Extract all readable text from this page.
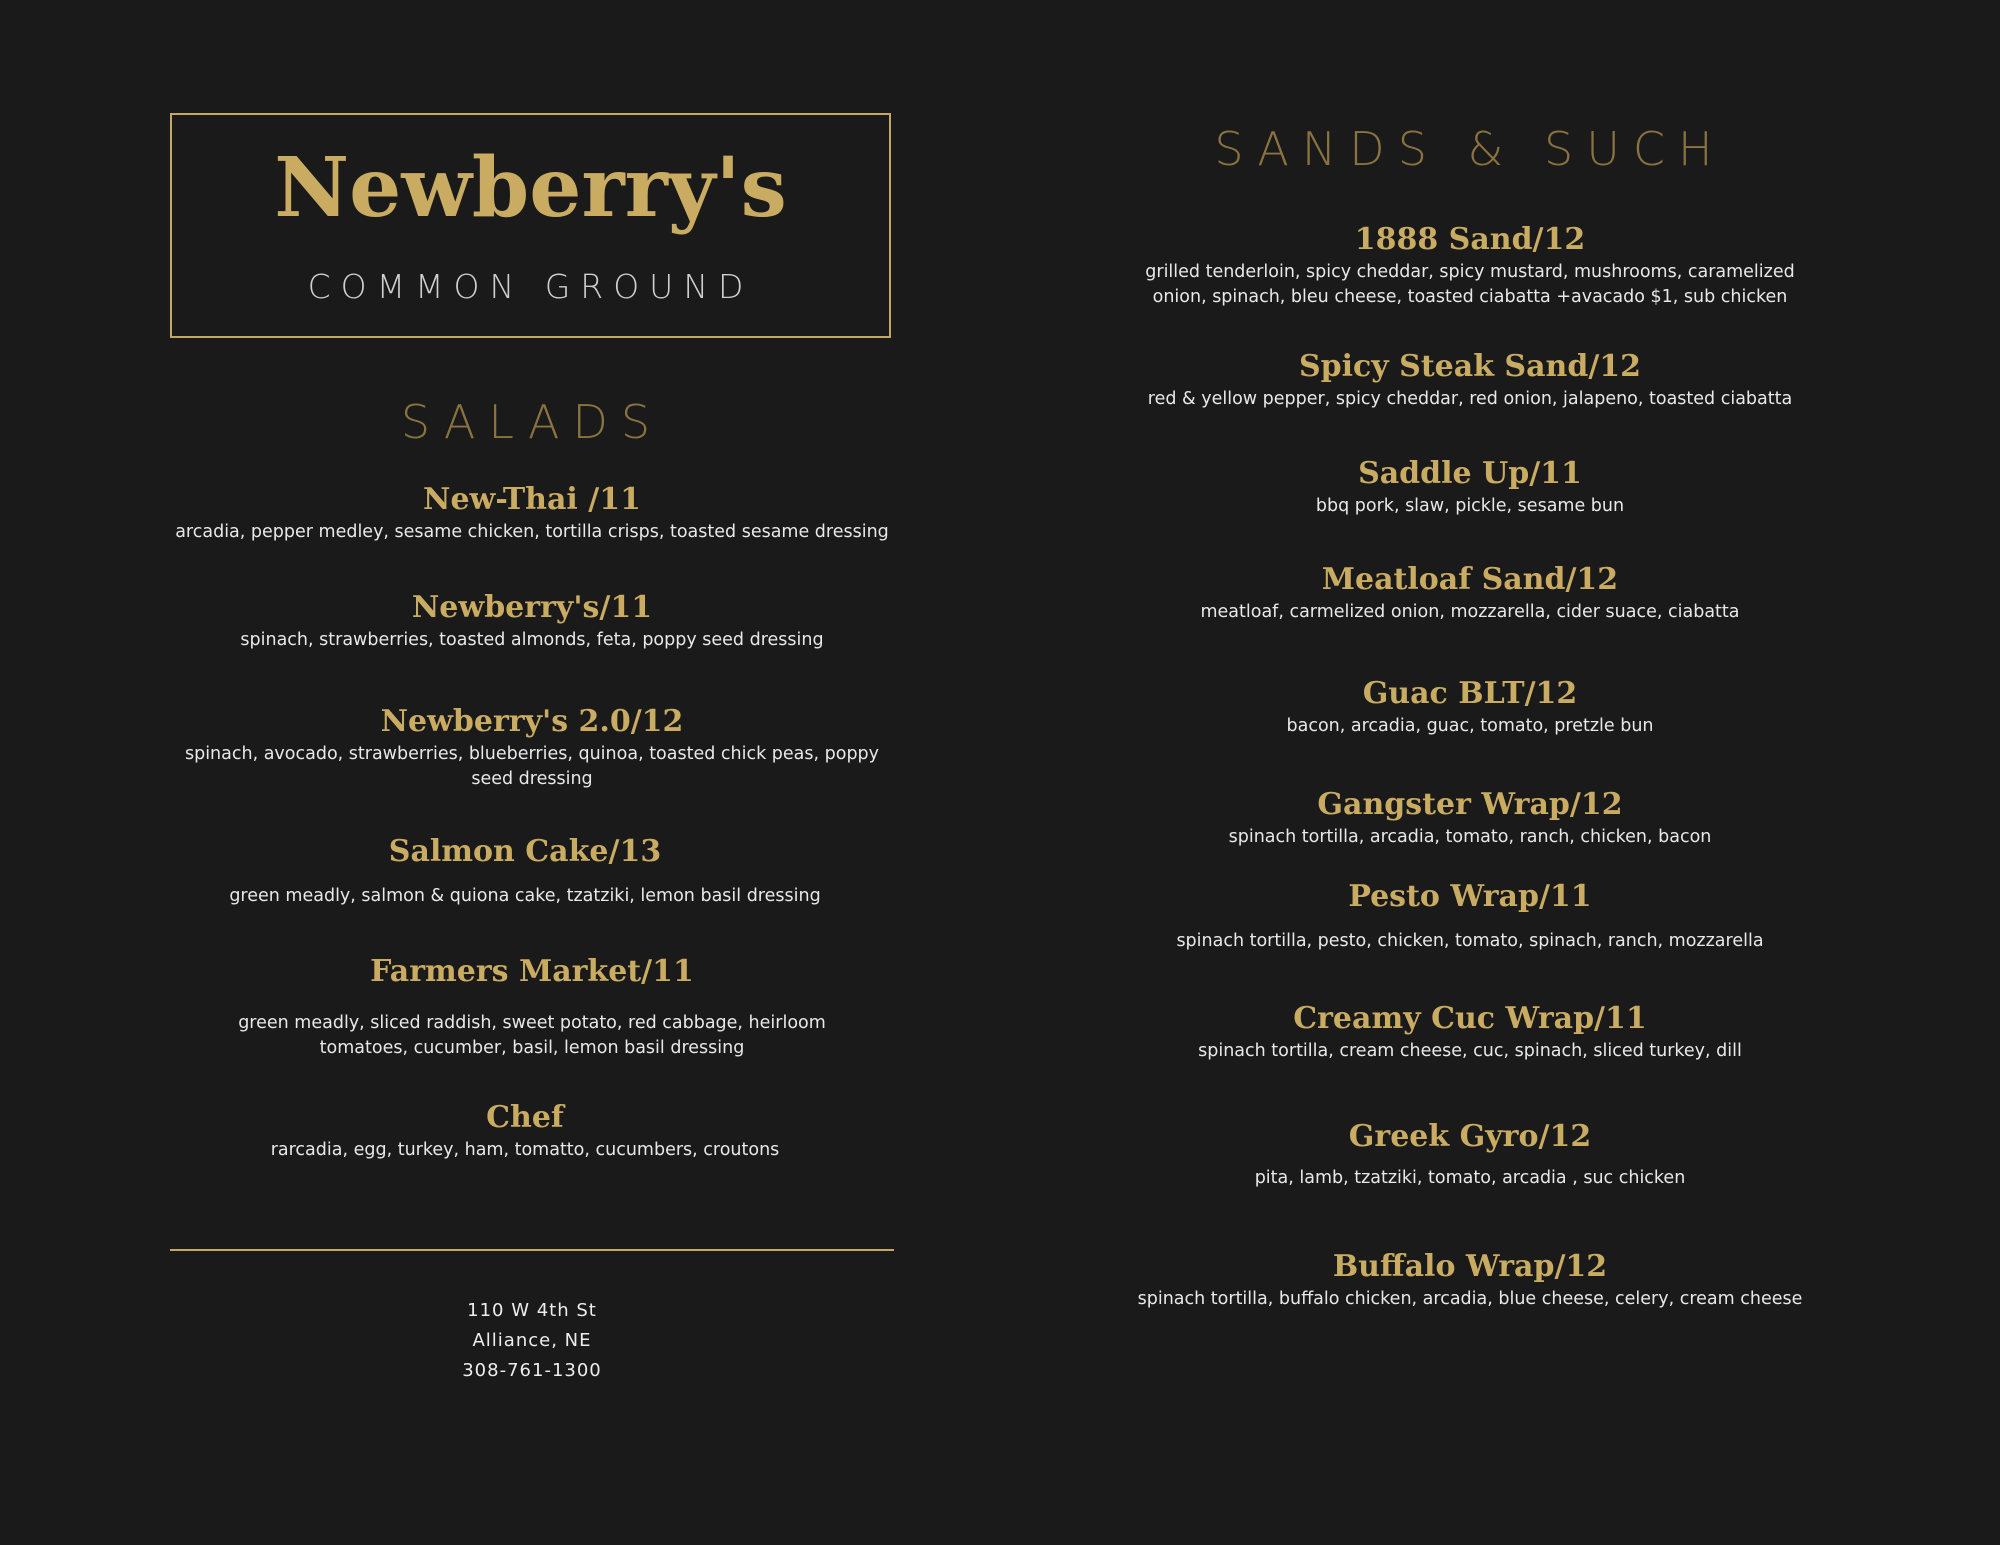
Newberry's
COMMON GROUND
SALADS
New-Thai /11
arcadia, pepper medley, sesame chicken, tortilla crisps, toasted sesame dressing
Newberry's/11
spinach, strawberries, toasted almonds, feta, poppy seed dressing
Newberry's 2.0/12
spinach, avocado, strawberries, blueberries, quinoa, toasted chick peas, poppy seed dressing
Salmon Cake/13
green meadly, salmon & quiona cake, tzatziki, lemon basil dressing
Farmers Market/11
green meadly, sliced raddish, sweet potato, red cabbage, heirloom tomatoes, cucumber, basil, lemon basil dressing
Chef
rarcadia, egg, turkey, ham, tomatto, cucumbers, croutons
110 W 4th St
Alliance, NE
308-761-1300
SANDS & SUCH
1888 Sand/12
grilled tenderloin, spicy cheddar, spicy mustard, mushrooms, caramelized onion, spinach, bleu cheese, toasted ciabatta +avacado $1, sub chicken
Spicy Steak Sand/12
red & yellow pepper, spicy cheddar, red onion, jalapeno, toasted ciabatta
Saddle Up/11
bbq pork, slaw, pickle, sesame bun
Meatloaf Sand/12
meatloaf, carmelized onion, mozzarella, cider suace, ciabatta
Guac BLT/12
bacon, arcadia, guac, tomato, pretzle bun
Gangster Wrap/12
spinach tortilla, arcadia, tomato, ranch, chicken, bacon
Pesto Wrap/11
spinach tortilla, pesto, chicken, tomato, spinach, ranch, mozzarella
Creamy Cuc Wrap/11
spinach tortilla, cream cheese, cuc, spinach, sliced turkey, dill
Greek Gyro/12
pita, lamb, tzatziki, tomato, arcadia , suc chicken
Buffalo Wrap/12
spinach tortilla, buffalo chicken, arcadia, blue cheese, celery, cream cheese
